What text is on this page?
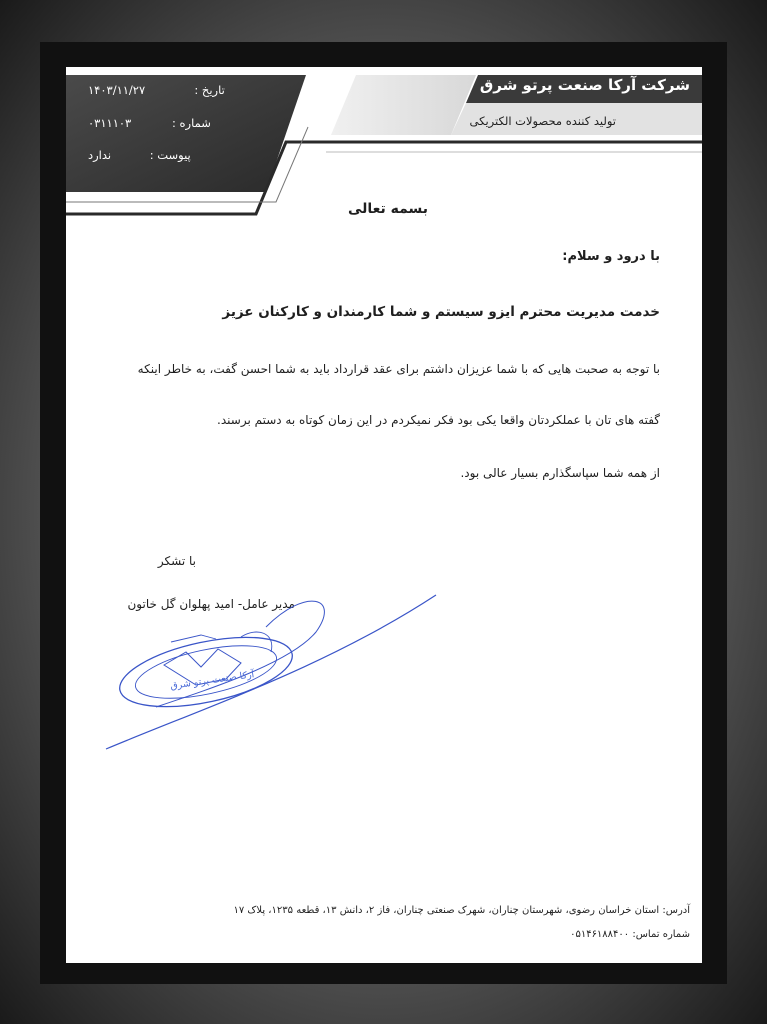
شرکت آرکا صنعت پرتو شرق
تولید کننده محصولات الکتریکی
تاریخ : ۱۴۰۳/۱۱/۲۷
شماره : ۰۳۱۱۱۰۳
پیوست : ندارد
بسمه تعالی
با درود و سلام:
خدمت مدیریت محترم ایزو سیستم و شما کارمندان و کارکنان عزیز
با توجه به صحبت هایی که با شما عزیزان داشتم برای عقد قرارداد باید به شما احسن گفت، به خاطر اینکه
گفته های تان با عملکردتان واقعا یکی بود فکر نمیکردم در این زمان کوتاه به دستم برسند.
از همه شما سپاسگذارم بسیار عالی بود.
با تشکر
مدیر عامل- امید پهلوان گل خاتون
آرکا صنعت پرتو شرق
آدرس: استان خراسان رضوی، شهرستان چناران، شهرک صنعتی چناران، فاز ۲، دانش ۱۳، قطعه ۱۲۳۵، پلاک ۱۷
شماره تماس: ۰۵۱۴۶۱۸۸۴۰۰
